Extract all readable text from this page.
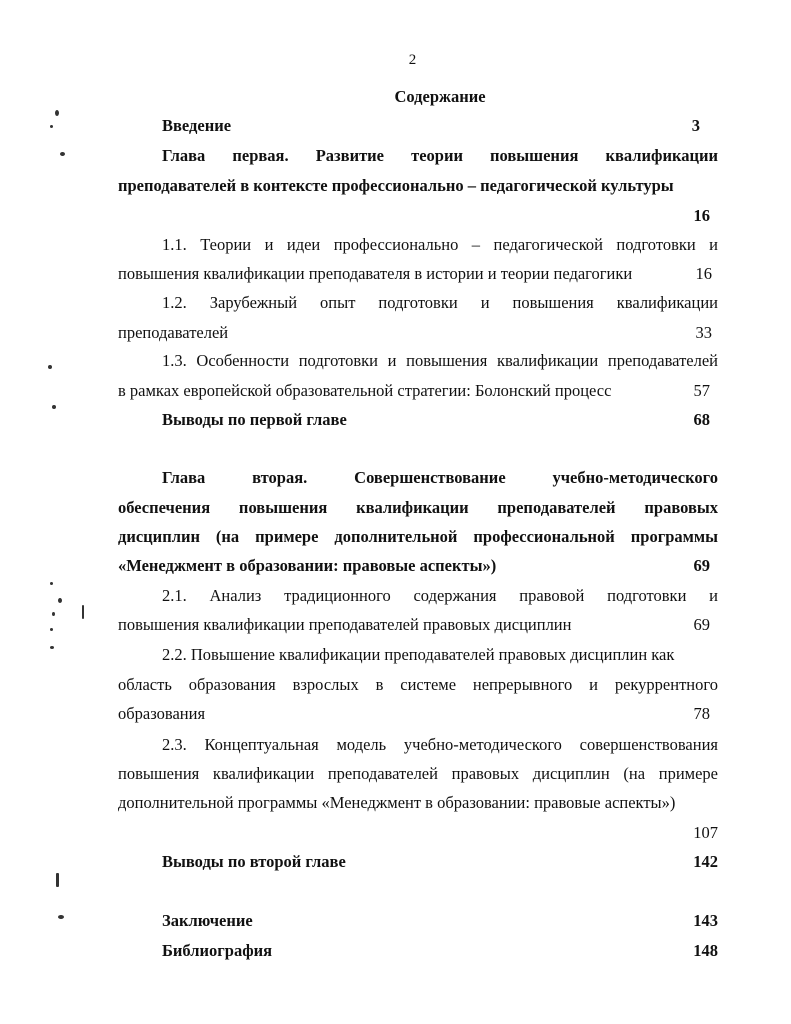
2
Содержание
Введение	3
Глава первая. Развитие теории повышения квалификации
преподавателей в контексте профессионально – педагогической культуры
16
1.1. Теории и идеи профессионально – педагогической подготовки и
повышения квалификации преподавателя в истории и теории педагогики	16
1.2. Зарубежный опыт подготовки и повышения квалификации
преподавателей	33
1.3. Особенности подготовки и повышения квалификации преподавателей
в рамках европейской образовательной стратегии: Болонский процесс	57
Выводы по первой главе	68
Глава вторая. Совершенствование учебно-методического
обеспечения повышения квалификации преподавателей правовых
дисциплин (на примере дополнительной профессиональной программы
«Менеджмент в образовании: правовые аспекты»)	69
2.1. Анализ традиционного содержания правовой подготовки и
повышения квалификации преподавателей правовых дисциплин	69
2.2. Повышение квалификации преподавателей правовых дисциплин как
область образования взрослых в системе непрерывного и рекуррентного
образования	78
2.3. Концептуальная модель учебно-методического совершенствования
повышения квалификации преподавателей правовых дисциплин (на примере
дополнительной программы «Менеджмент в образовании: правовые аспекты»)
107
Выводы по второй главе	142
Заключение	143
Библиография	148
